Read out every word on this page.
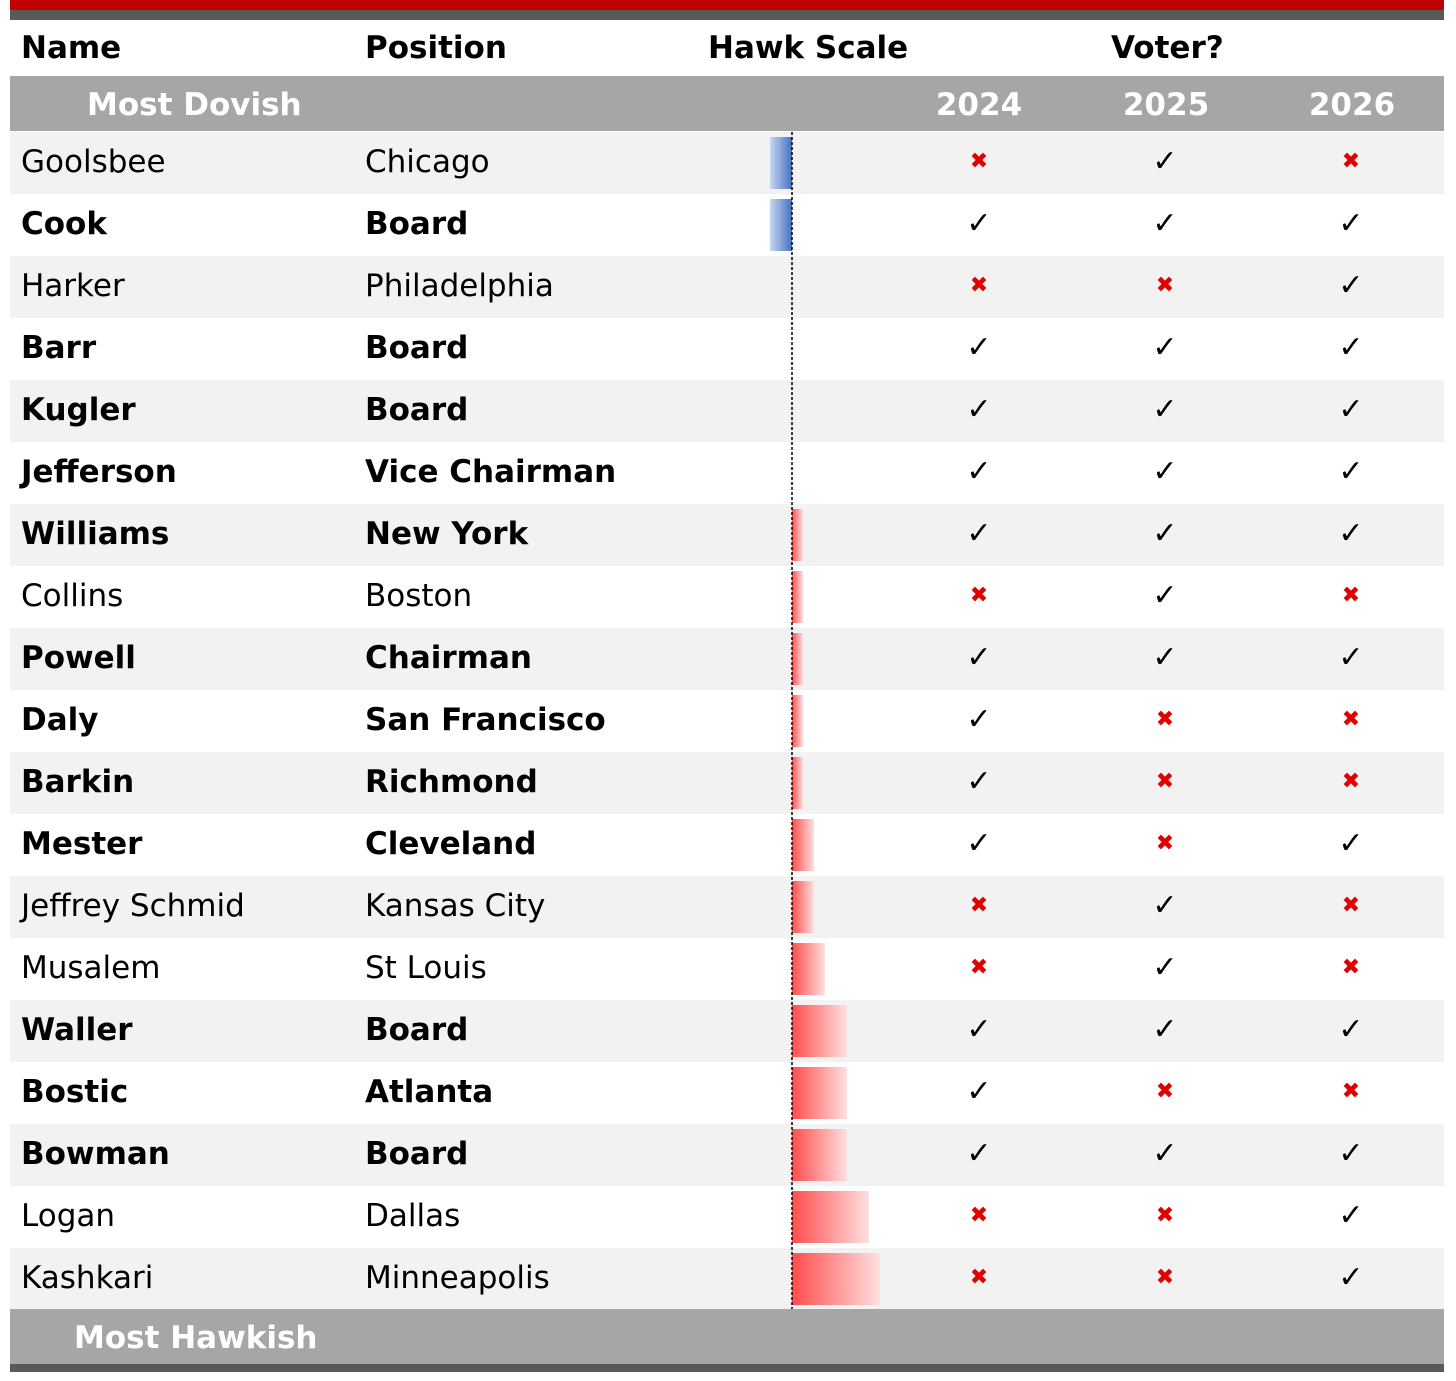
Name	Position	Hawk Scale	Voter?
Most Dovish	2024	2025	2026
Goolsbee	Chicago	✖	✓	✖
Cook	Board	✓	✓	✓
Harker	Philadelphia	✖	✖	✓
Barr	Board	✓	✓	✓
Kugler	Board	✓	✓	✓
Jefferson	Vice Chairman	✓	✓	✓
Williams	New York	✓	✓	✓
Collins	Boston	✖	✓	✖
Powell	Chairman	✓	✓	✓
Daly	San Francisco	✓	✖	✖
Barkin	Richmond	✓	✖	✖
Mester	Cleveland	✓	✖	✓
Jeffrey Schmid	Kansas City	✖	✓	✖
Musalem	St Louis	✖	✓	✖
Waller	Board	✓	✓	✓
Bostic	Atlanta	✓	✖	✖
Bowman	Board	✓	✓	✓
Logan	Dallas	✖	✖	✓
Kashkari	Minneapolis	✖	✖	✓
Most Hawkish
